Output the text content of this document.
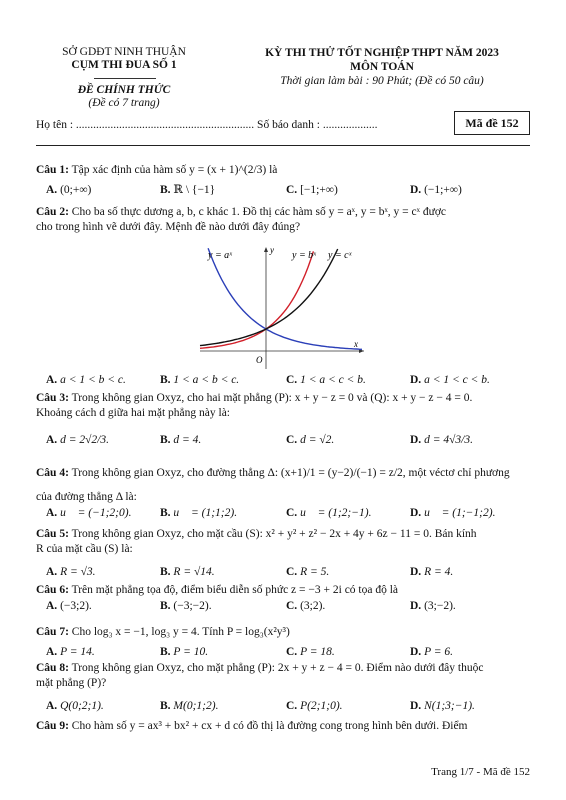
SỞ GDĐT NINH THUẬN
CỤM THI ĐUA SỐ 1
ĐỀ CHÍNH THỨC
(Đề có 7 trang)
KỲ THI THỬ TỐT NGHIỆP THPT NĂM 2023
MÔN TOÁN
Thời gian làm bài : 90 Phút; (Đề có 50 câu)
Họ tên : .............................................................. Số báo danh : ...................	Mã đề 152
Câu 1: Tập xác định của hàm số y = (x + 1)^(2/3) là
A. (0;+∞)	B. ℝ \ {−1}	C. [−1;+∞)	D. (−1;+∞)
Câu 2: Cho ba số thực dương a, b, c khác 1. Đồ thị các hàm số y = aˣ, y = bˣ, y = cˣ được
cho trong hình vẽ dưới đây. Mệnh đề nào dưới đây đúng?
y = aˣ	y = bˣ y = cˣ
y
x
O
A. a < 1 < b < c.	B. 1 < a < b < c.	C. 1 < a < c < b.	D. a < 1 < c < b.
Câu 3: Trong không gian Oxyz, cho hai mặt phẳng (P): x + y − z = 0 và (Q): x + y − z − 4 = 0.
Khoảng cách d giữa hai mặt phẳng này là:
A. d = 2√2/3.	B. d = 4.	C. d = √2.	D. d = 4√3/3.
Câu 4: Trong không gian Oxyz, cho đường thẳng Δ: (x+1)/1 = (y−2)/(−1) = z/2, một véctơ chỉ phương
của đường thẳng Δ là:
A. u⃗ = (−1;2;0). B. u⃗ = (1;1;2).	C. u⃗ = (1;2;−1).	D. u⃗ = (1;−1;2).
Câu 5: Trong không gian Oxyz, cho mặt cầu (S): x² + y² + z² − 2x + 4y + 6z − 11 = 0. Bán kính
R của mặt cầu (S) là:
A. R = √3.	B. R = √14.	C. R = 5.	D. R = 4.
Câu 6: Trên mặt phẳng tọa độ, điểm biểu diễn số phức z = −3 + 2i có tọa độ là
A. (−3;2).	B. (−3;−2).	C. (3;2).	D. (3;−2).
Câu 7: Cho log₃ x = −1, log₃ y = 4. Tính P = log₃(x²y³)
A. P = 14.	B. P = 10.	C. P = 18.	D. P = 6.
Câu 8: Trong không gian Oxyz, cho mặt phẳng (P): 2x + y + z − 4 = 0. Điểm nào dưới đây thuộc
mặt phẳng (P)?
A. Q(0;2;1).	B. M(0;1;2).	C. P(2;1;0).	D. N(1;3;−1).
Câu 9: Cho hàm số y = ax³ + bx² + cx + d có đồ thị là đường cong trong hình bên dưới. Điểm
Trang 1/7 - Mã đề 152
